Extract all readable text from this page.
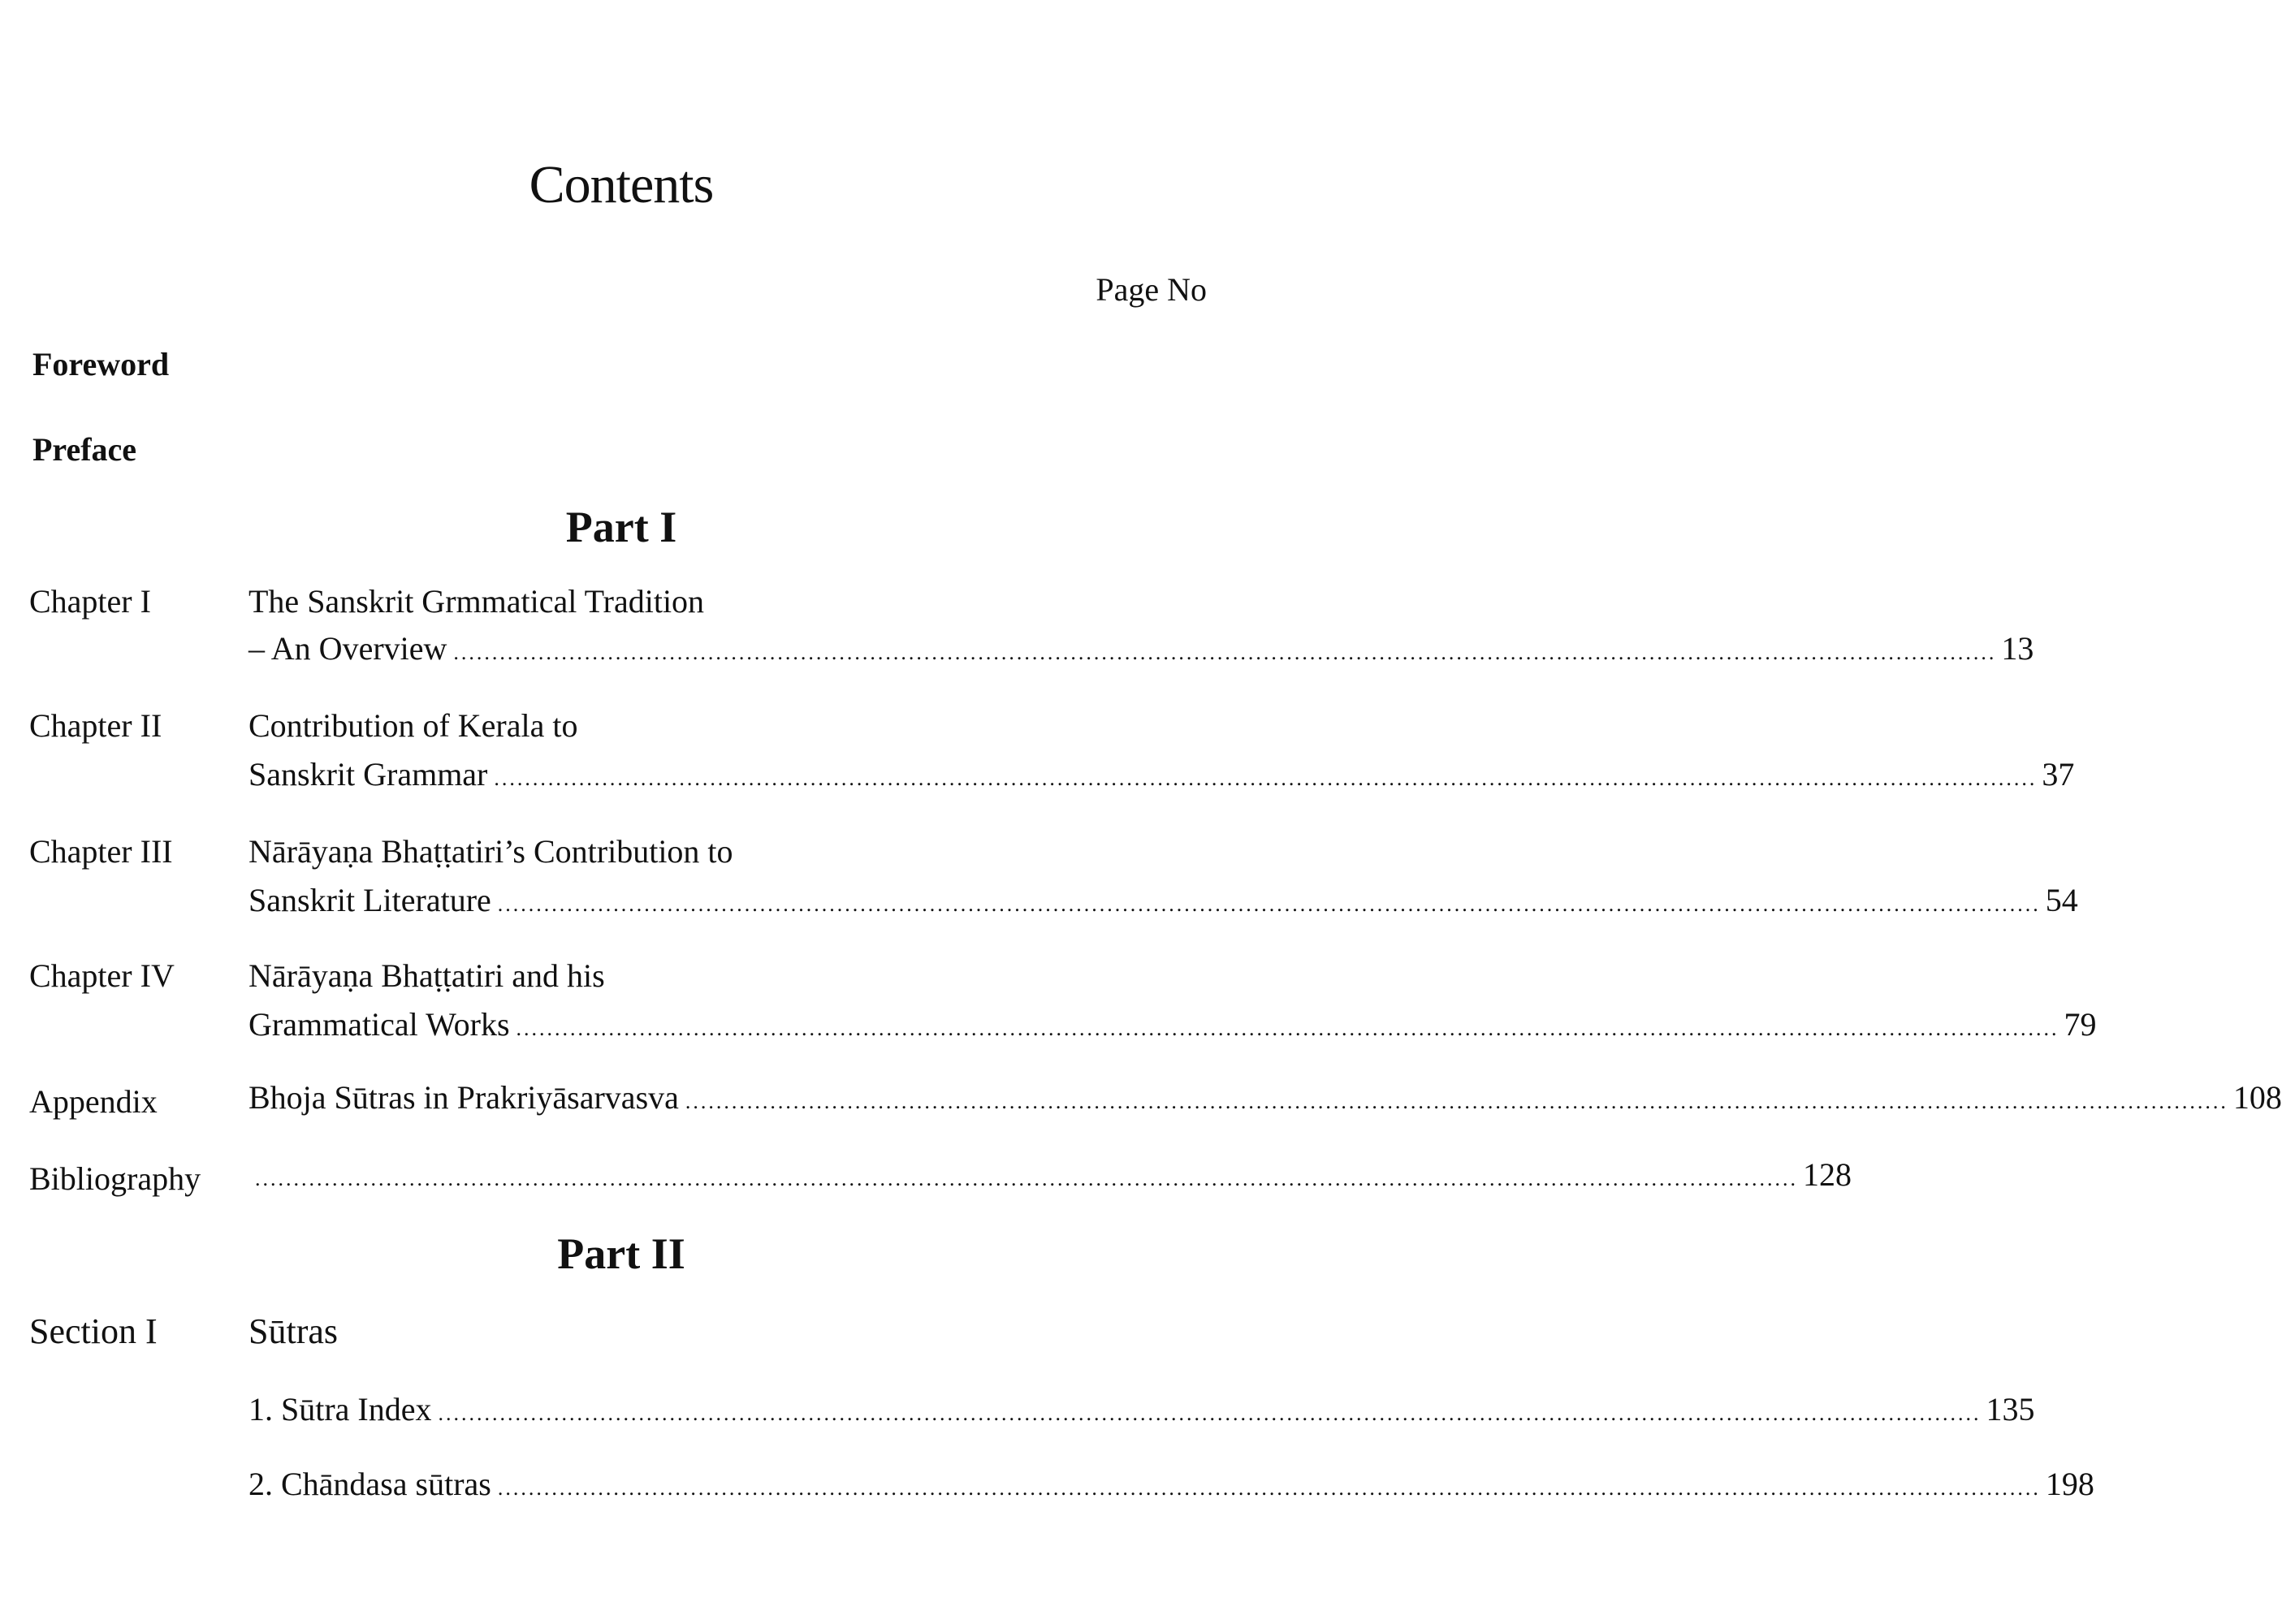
Contents
Page No
Foreword
Preface
Part I
Chapter I	The Sanskrit Grmmatical Tradition
– An Overview ........................................................................................................................................................................................................ 13
Chapter II	Contribution of Kerala to
Sanskrit Grammar ........................................................................................................................................................................................................ 37
Chapter III Nārāyaṇa Bhaṭṭatiri’s Contribution to
Sanskrit Literature ........................................................................................................................................................................................................ 54
Chapter IV Nārāyaṇa Bhaṭṭatiri and his
Grammatical Works ........................................................................................................................................................................................................ 79
Appendix	Bhoja Sūtras in Prakriyāsarvasva ........................................................................................................................................................................................................ 108
Bibliography	........................................................................................................................................................................................................ 128
Part II
Section I	Sūtras
1. Sūtra Index ........................................................................................................................................................................................................ 135
2. Chāndasa sūtras ........................................................................................................................................................................................................ 198
